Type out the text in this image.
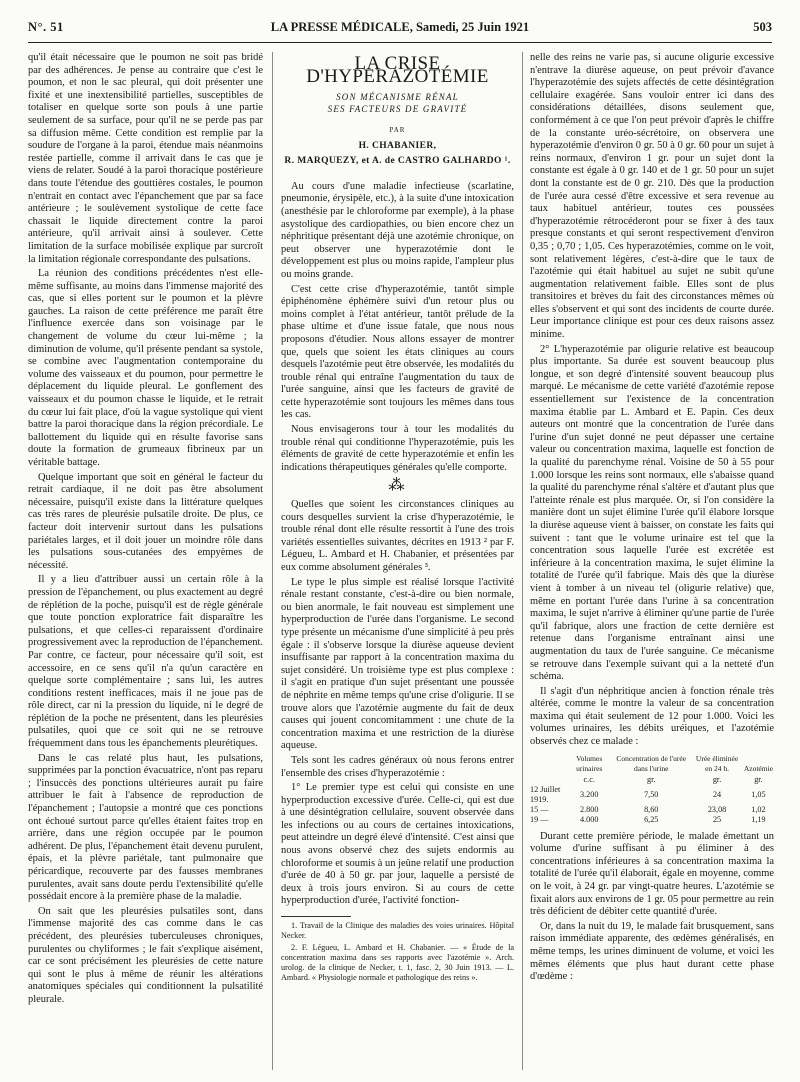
N°. 51	LA PRESSE MÉDICALE, Samedi, 25 Juin 1921	503

qu'il était nécessaire que le poumon ne soit pas bridé par des adhérences. Je pense au contraire que c'est le poumon, et non le sac pleural, qui doit présenter une fixité et une inextensibilité partielles, susceptibles de totaliser en quelque sorte son pouls à une partie seulement de sa surface, pour qu'il ne se perde pas par sa diffusion même. Cette condition est remplie par la soudure de l'organe à la paroi, étendue mais néanmoins restée partielle, comme il arrivait dans le cas que je viens de relater. Soudé à la paroi thoracique postérieure dans toute l'étendue des gouttières costales, le poumon n'entrait en contact avec l'épanchement que par sa face antérieure ; le soulèvement systolique de cette face chassait le liquide directement contre la paroi antérieure, qu'il arrivait ainsi à soulever. Cette limitation de la surface mobilisée explique par surcroît la limitation régionale correspondante des pulsations.

La réunion des conditions précédentes n'est elle-même suffisante, au moins dans l'immense majorité des cas, que si elles portent sur le poumon et la plèvre gauches. La raison de cette préférence me paraît être l'influence exercée dans son voisinage par le changement de volume du cœur lui-même ; la diminution de volume, qu'il présente pendant sa systole, se combine avec l'augmentation contemporaine du volume des vaisseaux et du poumon, pour permettre le déplacement du liquide pleural. Le gonflement des vaisseaux et du poumon chasse le liquide, et le retrait du cœur lui fait place, d'où la vague systolique qui vient battre la paroi thoracique dans la région précordiale. Le ballottement du liquide qui en résulte favorise sans doute la formation de grumeaux fibrineux par un véritable battage.

Quelque important que soit en général le facteur du retrait cardiaque, il ne doit pas être absolument nécessaire, puisqu'il existe dans la littérature quelques cas très rares de pleurésie pulsatile droite. De plus, ce facteur doit intervenir surtout dans les pulsations pariétales larges, et il doit jouer un moindre rôle dans les pulsations sous-cutanées des empyèmes de nécessité.

Il y a lieu d'attribuer aussi un certain rôle à la pression de l'épanchement, ou plus exactement au degré de réplétion de la poche, puisqu'il est de règle générale que toute ponction exploratrice fait disparaître les pulsations, et que celles-ci reparaissent d'ordinaire progressivement avec la reproduction de l'épanchement. Par contre, ce facteur, pour nécessaire qu'il soit, est accessoire, en ce sens qu'il n'a qu'un caractère en quelque sorte complémentaire ; sans lui, les autres conditions restent inefficaces, mais il ne joue pas de rôle direct, car ni la pression du liquide, ni le degré de réplétion de la poche ne présentent, dans les pleurésies pulsatiles, quoi que ce soit qui ne se retrouve fréquemment dans tous les épanchements pleurétiques.

Dans le cas relaté plus haut, les pulsations, supprimées par la ponction évacuatrice, n'ont pas reparu ; l'insuccès des ponctions ultérieures aurait pu faire attribuer le fait à l'absence de reproduction de l'épanchement ; l'autopsie a montré que ces ponctions ont échoué surtout parce qu'elles étaient faites trop en arrière, dans une région occupée par le poumon adhérent. De plus, l'épanchement était devenu purulent, épais, et la plèvre pariétale, tant pulmonaire que péricardique, recouverte par des fausses membranes purulentes, avait sans doute perdu l'extensibilité qu'elle possédait encore à la première phase de la maladie.

On sait que les pleurésies pulsatiles sont, dans l'immense majorité des cas comme dans le cas précédent, des pleurésies tuberculeuses chroniques, purulentes ou chyliformes ; le fait s'explique aisément, car ce sont précisément les pleurésies de cette nature qui sont le plus à même de réunir les altérations anatomiques spéciales qui conditionnent la pulsatilité pleurale.

LA CRISE D'HYPERAZOTÉMIE
SON MÉCANISME RÉNAL
SES FACTEURS DE GRAVITÉ
PAR
H. CHABANIER,
R. MARQUEZY, et A. de CASTRO GALHARDO ¹.

Au cours d'une maladie infectieuse (scarlatine, pneumonie, érysipèle, etc.), à la suite d'une intoxication (anesthésie par le chloroforme par exemple), à la phase asystolique des cardiopathies, ou bien encore chez un néphritique présentant déjà une azotémie chronique, on peut observer une hyperazotémie dont le développement est plus ou moins rapide, l'ampleur plus ou moins grande.

C'est cette crise d'hyperazotémie, tantôt simple épiphénomène éphémère suivi d'un retour plus ou moins complet à l'état antérieur, tantôt prélude de la phase ultime et d'une issue fatale, que nous nous proposons d'étudier. Nous allons essayer de montrer que, quels que soient les états cliniques au cours desquels l'azotémie peut être observée, les modalités du trouble rénal qui entraîne l'augmentation du taux de l'urée sanguine, ainsi que les facteurs de gravité de cette hyperazotémie sont toujours les mêmes dans tous les cas.

Nous envisagerons tour à tour les modalités du trouble rénal qui conditionne l'hyperazotémie, puis les éléments de gravité de cette hyperazotémie et enfin les indications thérapeutiques générales qu'elle comporte.

⁂

Quelles que soient les circonstances cliniques au cours desquelles survient la crise d'hyperazotémie, le trouble rénal dont elle résulte ressortit à l'une des trois variétés essentielles suivantes, décrites en 1913 ² par F. Légueu, L. Ambard et H. Chabanier, et présentées par eux comme absolument générales ³.

Le type le plus simple est réalisé lorsque l'activité rénale restant constante, c'est-à-dire ou bien normale, ou bien anormale, le fait nouveau est simplement une hyperproduction de l'urée dans l'organisme. Le second type présente un mécanisme d'une simplicité à peu près égale : il s'observe lorsque la diurèse aqueuse devient insuffisante par rapport à la concentration maxima du sujet considéré. Un troisième type est plus complexe : il s'agit en pratique d'un sujet présentant une poussée de néphrite en même temps qu'une crise d'oligurie. Il se trouve alors que l'azotémie augmente du fait de deux causes qui jouent concomitamment : une chute de la concentration maxima et une restriction de la diurèse aqueuse.

Tels sont les cadres généraux où nous ferons entrer l'ensemble des crises d'hyperazotémie :

1° Le premier type est celui qui consiste en une hyperproduction excessive d'urée. Celle-ci, qui est due à une désintégration cellulaire, souvent observée dans les infections ou au cours de certaines intoxications, peut atteindre un degré élevé d'intensité. C'est ainsi que nous avons observé chez des sujets endormis au chloroforme et soumis à un jeûne relatif une production d'urée de 40 à 50 gr. par jour, laquelle a persisté de deux à trois jours environ. Si au cours de cette hyperproduction d'urée, l'activité fonction-

1. Travail de la Clinique des maladies des voies urinaires. Hôpital Necker.

2. F. Légueu, L. Ambard et H. Chabanier. — « Étude de la concentration maxima dans ses rapports avec l'azotémie ». Arch. urolog. de la clinique de Necker, t. 1, fasc. 2, 30 Juin 1913. — L. Ambard. « Physiologie normale et pathologique des reins ».

nelle des reins ne varie pas, si aucune oligurie excessive n'entrave la diurèse aqueuse, on peut prévoir d'avance l'hyperazotémie des sujets affectés de cette désintégration cellulaire exagérée. Sans vouloir entrer ici dans des considérations détaillées, disons seulement que, conformément à ce que l'on peut prévoir d'après le chiffre de la constante uréo-sécrétoire, on observera une hyperazotémie d'environ 0 gr. 50 à 0 gr. 60 pour un sujet à reins normaux, d'environ 1 gr. pour un sujet dont la constante est égale à 0 gr. 140 et de 1 gr. 50 pour un sujet dont la constante est de 0 gr. 210. Dès que la production de l'urée aura cessé d'être excessive et sera revenue au taux habituel antérieur, toutes ces poussées d'hyperazotémie rétrocéderont pour se fixer à des taux presque constants et qui seront respectivement d'environ 0,35 ; 0,70 ; 1,05. Ces hyperazotémies, comme on le voit, sont relativement légères, c'est-à-dire que le taux de l'azotémie qui était habituel au sujet ne subit qu'une augmentation relativement faible. Elles sont de plus transitoires et brèves du fait des circonstances mêmes où elles s'observent et qui sont des incidents de courte durée. Leur importance clinique est pour ces deux raisons assez minime.

2° L'hyperazotémie par oligurie relative est beaucoup plus importante. Sa durée est souvent beaucoup plus longue, et son degré d'intensité souvent beaucoup plus marqué. Le mécanisme de cette variété d'azotémie repose essentiellement sur l'existence de la concentration maxima établie par L. Ambard et E. Papin. Ces deux auteurs ont montré que la concentration de l'urée dans l'urine d'un sujet donné ne peut dépasser une certaine valeur ou concentration maxima, laquelle est fonction de la qualité du parenchyme rénal. Voisine de 50 à 55 pour 1.000 lorsque les reins sont normaux, elle s'abaisse quand la qualité du parenchyme rénal s'altère et d'autant plus que l'atteinte rénale est plus marquée. Or, si l'on considère la manière dont un sujet élimine l'urée qu'il élabore lorsque la diurèse aqueuse vient à baisser, on constate les faits qui suivent : tant que le volume urinaire est tel que la concentration sous laquelle l'urée est excrétée est inférieure à la concentration maxima, le sujet élimine la totalité de l'urée qu'il fabrique. Mais dès que la diurèse vient à tomber à un niveau tel (oligurie relative) que, même en portant l'urée dans l'urine à sa concentration maxima, le sujet n'arrive à éliminer qu'une partie de l'urée qu'il fabrique, alors une fraction de cette dernière est retenue dans l'organisme entraînant ainsi une augmentation du taux de l'urée sanguine. Ce mécanisme se retrouve dans l'exemple suivant qui a la netteté d'un schéma.

Il s'agit d'un néphritique ancien à fonction rénale très altérée, comme le montre la valeur de sa concentration maxima qui était seulement de 12 pour 1.000. Voici les volumes urinaires, les débits uréiques, et l'azotémie observés chez ce malade :

	Volumes urinaires	Concentration de l'urée dans l'urine	Urée éliminée en 24 h.	Azotémie
	c.c.	gr.	gr.	gr.
12 Juillet 1919.	3.200	7,50	24	1,05
15 —	2.800	8,60	23,08	1,02
19 —	4.000	6,25	25	1,19

Durant cette première période, le malade émettant un volume d'urine suffisant à pu éliminer à des concentrations inférieures à sa concentration maxima la totalité de l'urée qu'il élaborait, égale en moyenne, comme on le voit, à 24 gr. par vingt-quatre heures. L'azotémie se fixait alors aux environs de 1 gr. 05 pour permettre au rein très déficient de débiter cette quantité d'urée.

Or, dans la nuit du 19, le malade fait brusquement, sans raison immédiate apparente, des œdèmes généralisés, en même temps, les urines diminuent de volume, et voici les mêmes éléments que plus haut durant cette phase d'œdème :
